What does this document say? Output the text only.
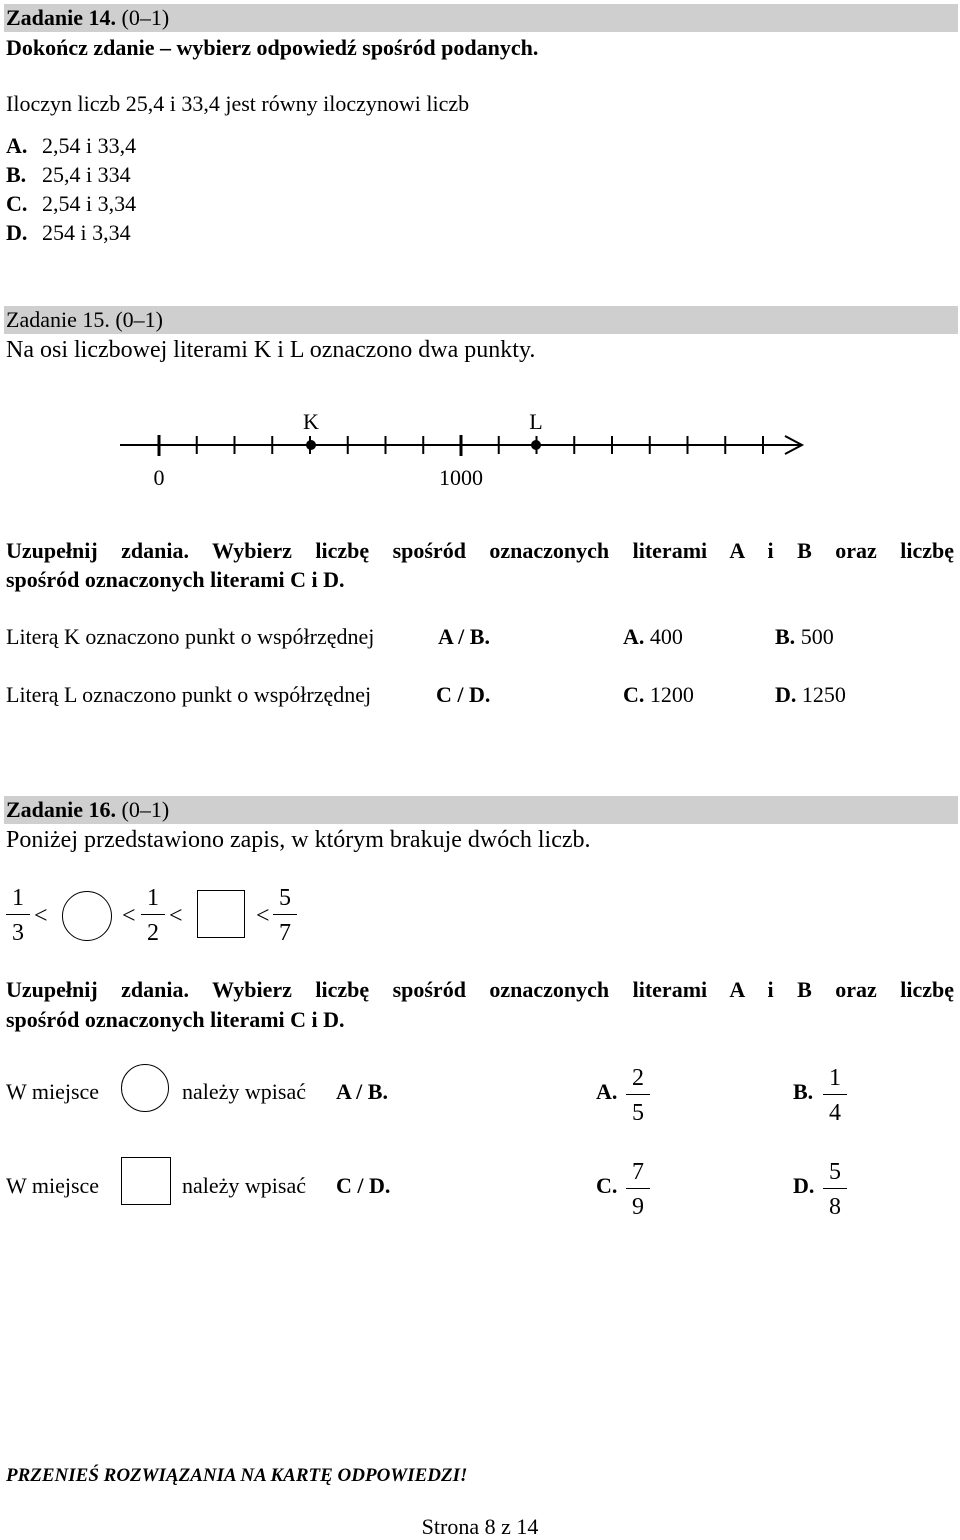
Zadanie 14. (0–1)
Dokończ zdanie – wybierz odpowiedź spośród podanych.
Iloczyn liczb 25,4 i 33,4 jest równy iloczynowi liczb
A. 2,54 i 33,4
B. 25,4 i 334
C. 2,54 i 3,34
D. 254 i 3,34
Zadanie 15. (0–1)
Na osi liczbowej literami K i L oznaczono dwa punkty.
K	L
0	1000
Uzupełnij zdania. Wybierz liczbę spośród oznaczonych literami A i B oraz liczbę
spośród oznaczonych literami C i D.
Literą K oznaczono punkt o współrzędnej	A / B.	A. 400	B. 500
Literą L oznaczono punkt o współrzędnej	C / D.	C. 1200	D. 1250
Zadanie 16. (0–1)
Poniżej przedstawiono zapis, w którym brakuje dwóch liczb.
1
3
<	<
1
2
<	<
5
7
Uzupełnij zdania. Wybierz liczbę spośród oznaczonych literami A i B oraz liczbę
spośród oznaczonych literami C i D.
W miejsce	należy wpisać A / B.	A.
2
5
B.
1
4
W miejsce	należy wpisać C / D.	C.
7
9
D.
5
8
PRZENIEŚ ROZWIĄZANIA NA KARTĘ ODPOWIEDZI!
Strona 8 z 14
